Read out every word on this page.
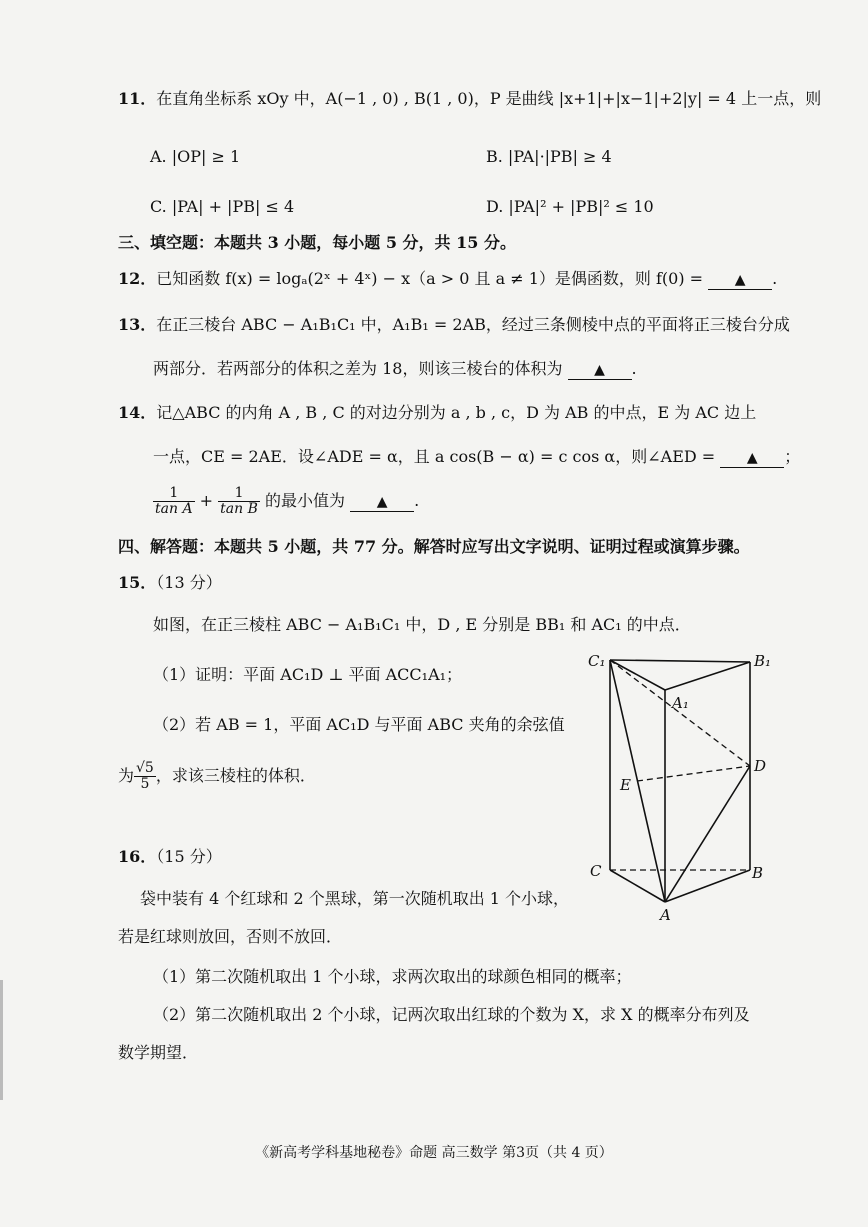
11．在直角坐标系 xOy 中，A(−1 , 0) , B(1 , 0)，P 是曲线 |x+1|+|x−1|+2|y| = 4 上一点，则
A. |OP| ≥ 1	B. |PA|·|PB| ≥ 4
C. |PA| + |PB| ≤ 4	D. |PA|² + |PB|² ≤ 10
三、填空题：本题共 3 小题，每小题 5 分，共 15 分。
12．已知函数 f(x) = logₐ(2ˣ + 4ˣ) − x（a > 0 且 a ≠ 1）是偶函数，则 f(0) = ▲ .
13．在正三棱台 ABC − A₁B₁C₁ 中，A₁B₁ = 2AB，经过三条侧棱中点的平面将正三棱台分成
两部分．若两部分的体积之差为 18，则该三棱台的体积为 ▲ .
14．记△ABC 的内角 A , B , C 的对边分别为 a , b , c，D 为 AB 的中点，E 为 AC 边上
一点，CE = 2AE．设∠ADE = α，且 a cos(B − α) = c cos α，则∠AED = ▲ ；
$\frac{1}{\text{tan A}} + \frac{1}{\text{tan B}}$ 的最小值为 ▲ .
四、解答题：本题共 5 小题，共 77 分。解答时应写出文字说明、证明过程或演算步骤。
15．（13 分）
如图，在正三棱柱 ABC − A₁B₁C₁ 中，D , E 分别是 BB₁ 和 AC₁ 的中点．
（1）证明：平面 AC₁D ⊥ 平面 ACC₁A₁；
（2）若 AB = 1，平面 AC₁D 与平面 ABC 夹角的余弦值
为 $\frac{√5}{5}$ ，求该三棱柱的体积．
C₁	B₁
A₁
D
E
C	B
A
16．（15 分）
袋中装有 4 个红球和 2 个黑球，第一次随机取出 1 个小球，
若是红球则放回，否则不放回．
（1）第二次随机取出 1 个小球，求两次取出的球颜色相同的概率；
（2）第二次随机取出 2 个小球，记两次取出红球的个数为 X，求 X 的概率分布列及
数学期望．
《新高考学科基地秘卷》命题 高三数学 第3页（共 4 页）
